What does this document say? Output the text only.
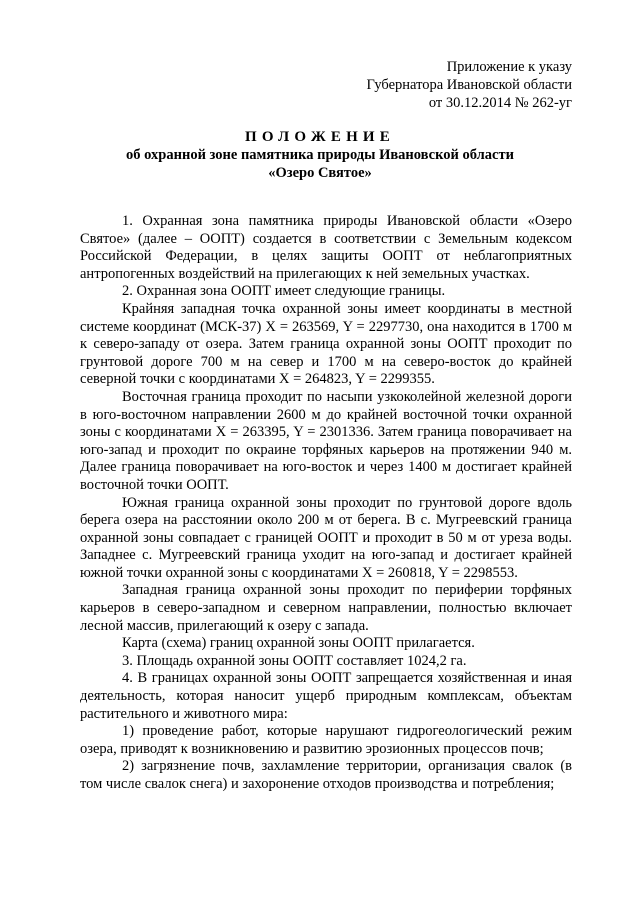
Приложение к указу
Губернатора Ивановской области
от 30.12.2014 № 262-уг
ПОЛОЖЕНИЕ
об охранной зоне памятника природы Ивановской области
«Озеро Святое»

1. Охранная зона памятника природы Ивановской области «Озеро Святое» (далее – ООПТ) создается в соответствии с Земельным кодексом Российской Федерации, в целях защиты ООПТ от неблагоприятных антропогенных воздействий на прилегающих к ней земельных участках.

2. Охранная зона ООПТ имеет следующие границы.

Крайняя западная точка охранной зоны имеет координаты в местной системе координат (МСК-37) X = 263569, Y = 2297730, она находится в 1700 м к северо-западу от озера. Затем граница охранной зоны ООПТ проходит по грунтовой дороге 700 м на север и 1700 м на северо-восток до крайней северной точки с координатами X = 264823, Y = 2299355.

Восточная граница проходит по насыпи узкоколейной железной дороги в юго-восточном направлении 2600 м до крайней восточной точки охранной зоны с координатами X = 263395, Y = 2301336. Затем граница поворачивает на юго-запад и проходит по окраине торфяных карьеров на протяжении 940 м. Далее граница поворачивает на юго-восток и через 1400 м достигает крайней восточной точки ООПТ.

Южная граница охранной зоны проходит по грунтовой дороге вдоль берега озера на расстоянии около 200 м от берега. В с. Мугреевский граница охранной зоны совпадает с границей ООПТ и проходит в 50 м от уреза воды. Западнее с. Мугреевский граница уходит на юго-запад и достигает крайней южной точки охранной зоны с координатами X = 260818, Y = 2298553.

Западная граница охранной зоны проходит по периферии торфяных карьеров в северо-западном и северном направлении, полностью включает лесной массив, прилегающий к озеру с запада.

Карта (схема) границ охранной зоны ООПТ прилагается.

3. Площадь охранной зоны ООПТ составляет 1024,2 га.

4. В границах охранной зоны ООПТ запрещается хозяйственная и иная деятельность, которая наносит ущерб природным комплексам, объектам растительного и животного мира:

1) проведение работ, которые нарушают гидрогеологический режим озера, приводят к возникновению и развитию эрозионных процессов почв;

2) загрязнение почв, захламление территории, организация свалок (в том числе свалок снега) и захоронение отходов производства и потребления;
